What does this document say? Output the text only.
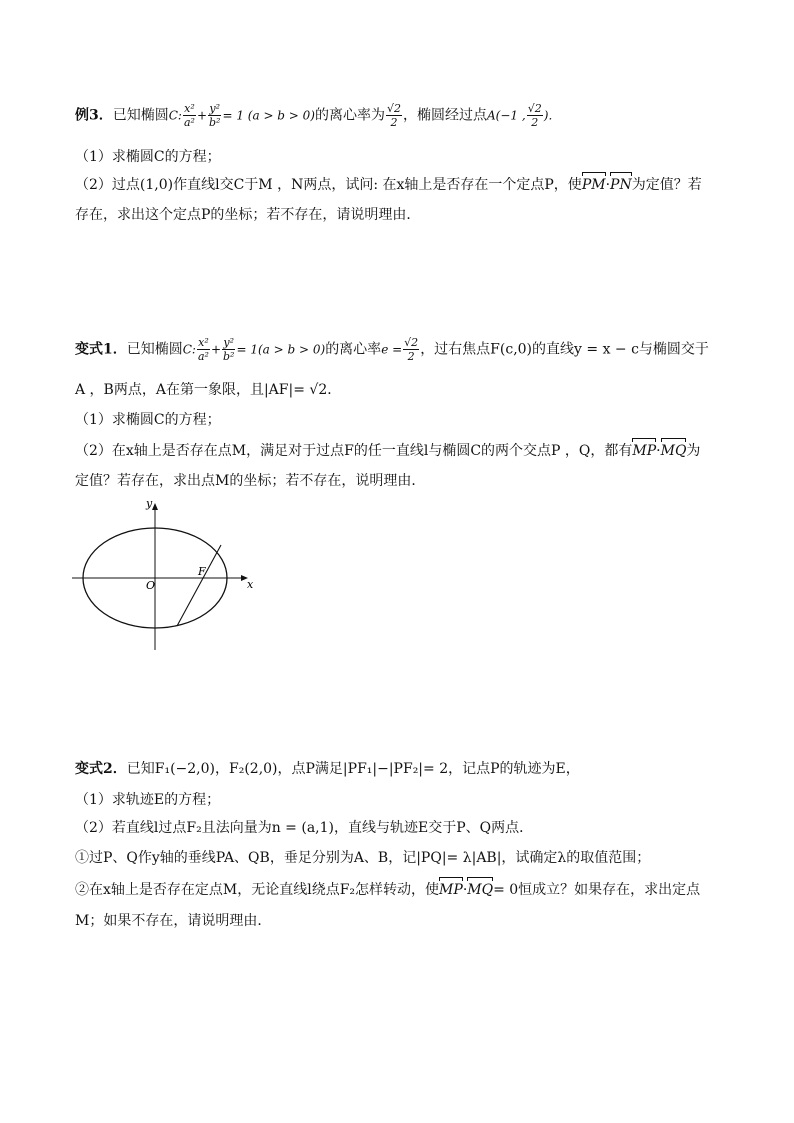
例3．已知椭圆C: $\frac{\text{x²}}{\text{a²}} + \frac{\text{y²}}{\text{b²}} = 1$ (a > b > 0)的离心率为 $\frac{√2}{2}$ ，椭圆经过点A(−1 , $\frac{√2}{2}$ )．
（1）求椭圆C的方程；
（2）过点(1,0)作直线l交C于M ，N两点，试问: 在x轴上是否存在一个定点P，使PM·PN为定值？若
存在，求出这个定点P的坐标；若不存在，请说明理由．
变式1．已知椭圆C: $\frac{\text{x²}}{\text{a²}} + \frac{\text{y²}}{\text{b²}} = 1(a > b > 0)$的离心率$e = \frac{√2}{2}$ ，过右焦点F(c,0)的直线y = x − c与椭圆交于
A ，B两点，A在第一象限，且|AF|= √2．
（1）求椭圆C的方程；
（2）在x轴上是否存在点M，满足对于过点F的任一直线l与椭圆C的两个交点P ，Q，都有MP·MQ为
定值？若存在，求出点M的坐标；若不存在，说明理由．
y
x
O
F
变式2．已知F₁(−2,0)，F₂(2,0)，点P满足|PF₁|−|PF₂|= 2，记点P的轨迹为E，
（1）求轨迹E的方程；
（2）若直线l过点F₂且法向量为n = (a,1)，直线与轨迹E交于P、Q两点．
①过P、Q作y轴的垂线PA、QB，垂足分别为A、B，记|PQ|= λ|AB|，试确定λ的取值范围；
②在x轴上是否存在定点M，无论直线l绕点F₂怎样转动，使MP·MQ= 0恒成立？如果存在，求出定点
M；如果不存在，请说明理由．
